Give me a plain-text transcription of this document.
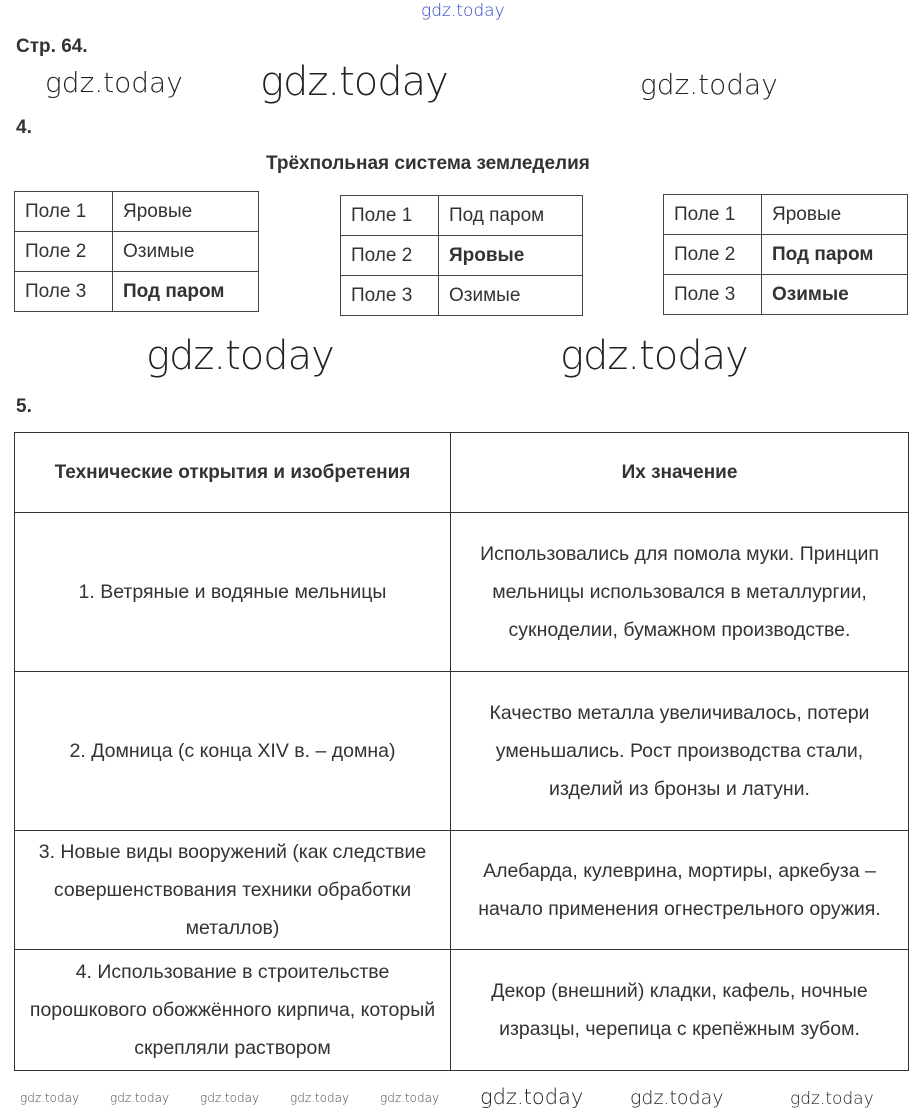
gdz.today
Стр. 64.
gdz.today gdz.today	gdz.today
4.
Трёхпольная система земледелия
Поле 1	Яровые
Поле 2	Озимые
Поле 3	Под паром
Поле 1	Под паром
Поле 2	Яровые
Поле 3	Озимые
Поле 1	Яровые
Поле 2	Под паром
Поле 3	Озимые
gdz.today
gdz.today
5.
Технические открытия и изобретения	Их значение
1. Ветряные и водяные мельницы	Использовались для помола муки. Принцип мельницы использовался в металлургии, сукноделии, бумажном производстве.
2. Домница (с конца XIV в. – домна)	Качество металла увеличивалось, потери уменьшались. Рост производства стали, изделий из бронзы и латуни.
3. Новые виды вооружений (как следствие совершенствования техники обработки металлов)	Алебарда, кулеврина, мортиры, аркебуза – начало применения огнестрельного оружия.
4. Использование в строительстве порошкового обожжённого кирпича, который скрепляли раствором	Декор (внешний) кладки, кафель, ночные изразцы, черепица с крепёжным зубом.
gdz.today	gdz.today	gdz.today	gdz.today	gdz.today gdz.today gdz.today	gdz.today
